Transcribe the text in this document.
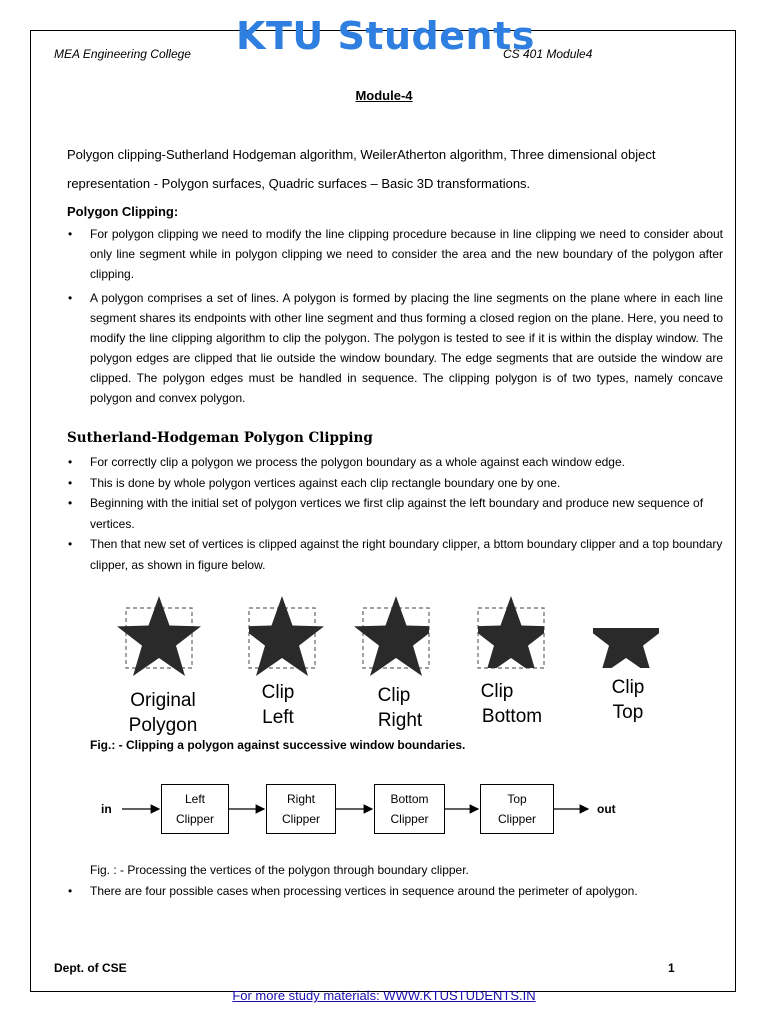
MEA Engineering College KTU Students
CS 401 Module4
Module-4

Polygon clipping-Sutherland Hodgeman algorithm, WeilerAtherton algorithm, Three dimensional object

representation - Polygon surfaces, Quadric surfaces – Basic 3D transformations.

Polygon Clipping:
• For polygon clipping we need to modify the line clipping procedure because in line clipping we need to consider about only line segment while in polygon clipping we need to consider the area and the new boundary of the polygon after clipping.
• A polygon comprises a set of lines. A polygon is formed by placing the line segments on the plane where in each line segment shares its endpoints with other line segment and thus forming a closed region on the plane. Here, you need to modify the line clipping algorithm to clip the polygon. The polygon is tested to see if it is within the display window. The polygon edges are clipped that lie outside the window boundary. The edge segments that are outside the window are clipped. The polygon edges must be handled in sequence. The clipping polygon is of two types, namely concave polygon and convex polygon.
Sutherland-Hodgeman Polygon Clipping
• For correctly clip a polygon we process the polygon boundary as a whole against each window edge.
• This is done by whole polygon vertices against each clip rectangle boundary one by one.
• Beginning with the initial set of polygon vertices we first clip against the left boundary and produce new sequence of vertices.
• Then that new set of vertices is clipped against the right boundary clipper, a bttom boundary clipper and a top boundary clipper, as shown in figure below.
Original
Polygon
Clip
Left
Clip
Right
Clip
Bottom
Clip
Top
Fig.: - Clipping a polygon against successive window boundaries.
in
Left
Clipper
Right
Clipper
Bottom
Clipper
Top
Clipper
out
Fig. : - Processing the vertices of the polygon through boundary clipper.
• There are four possible cases when processing vertices in sequence around the perimeter of apolygon.
Dept. of CSE	1
For more study materials: WWW.KTUSTUDENTS.IN
